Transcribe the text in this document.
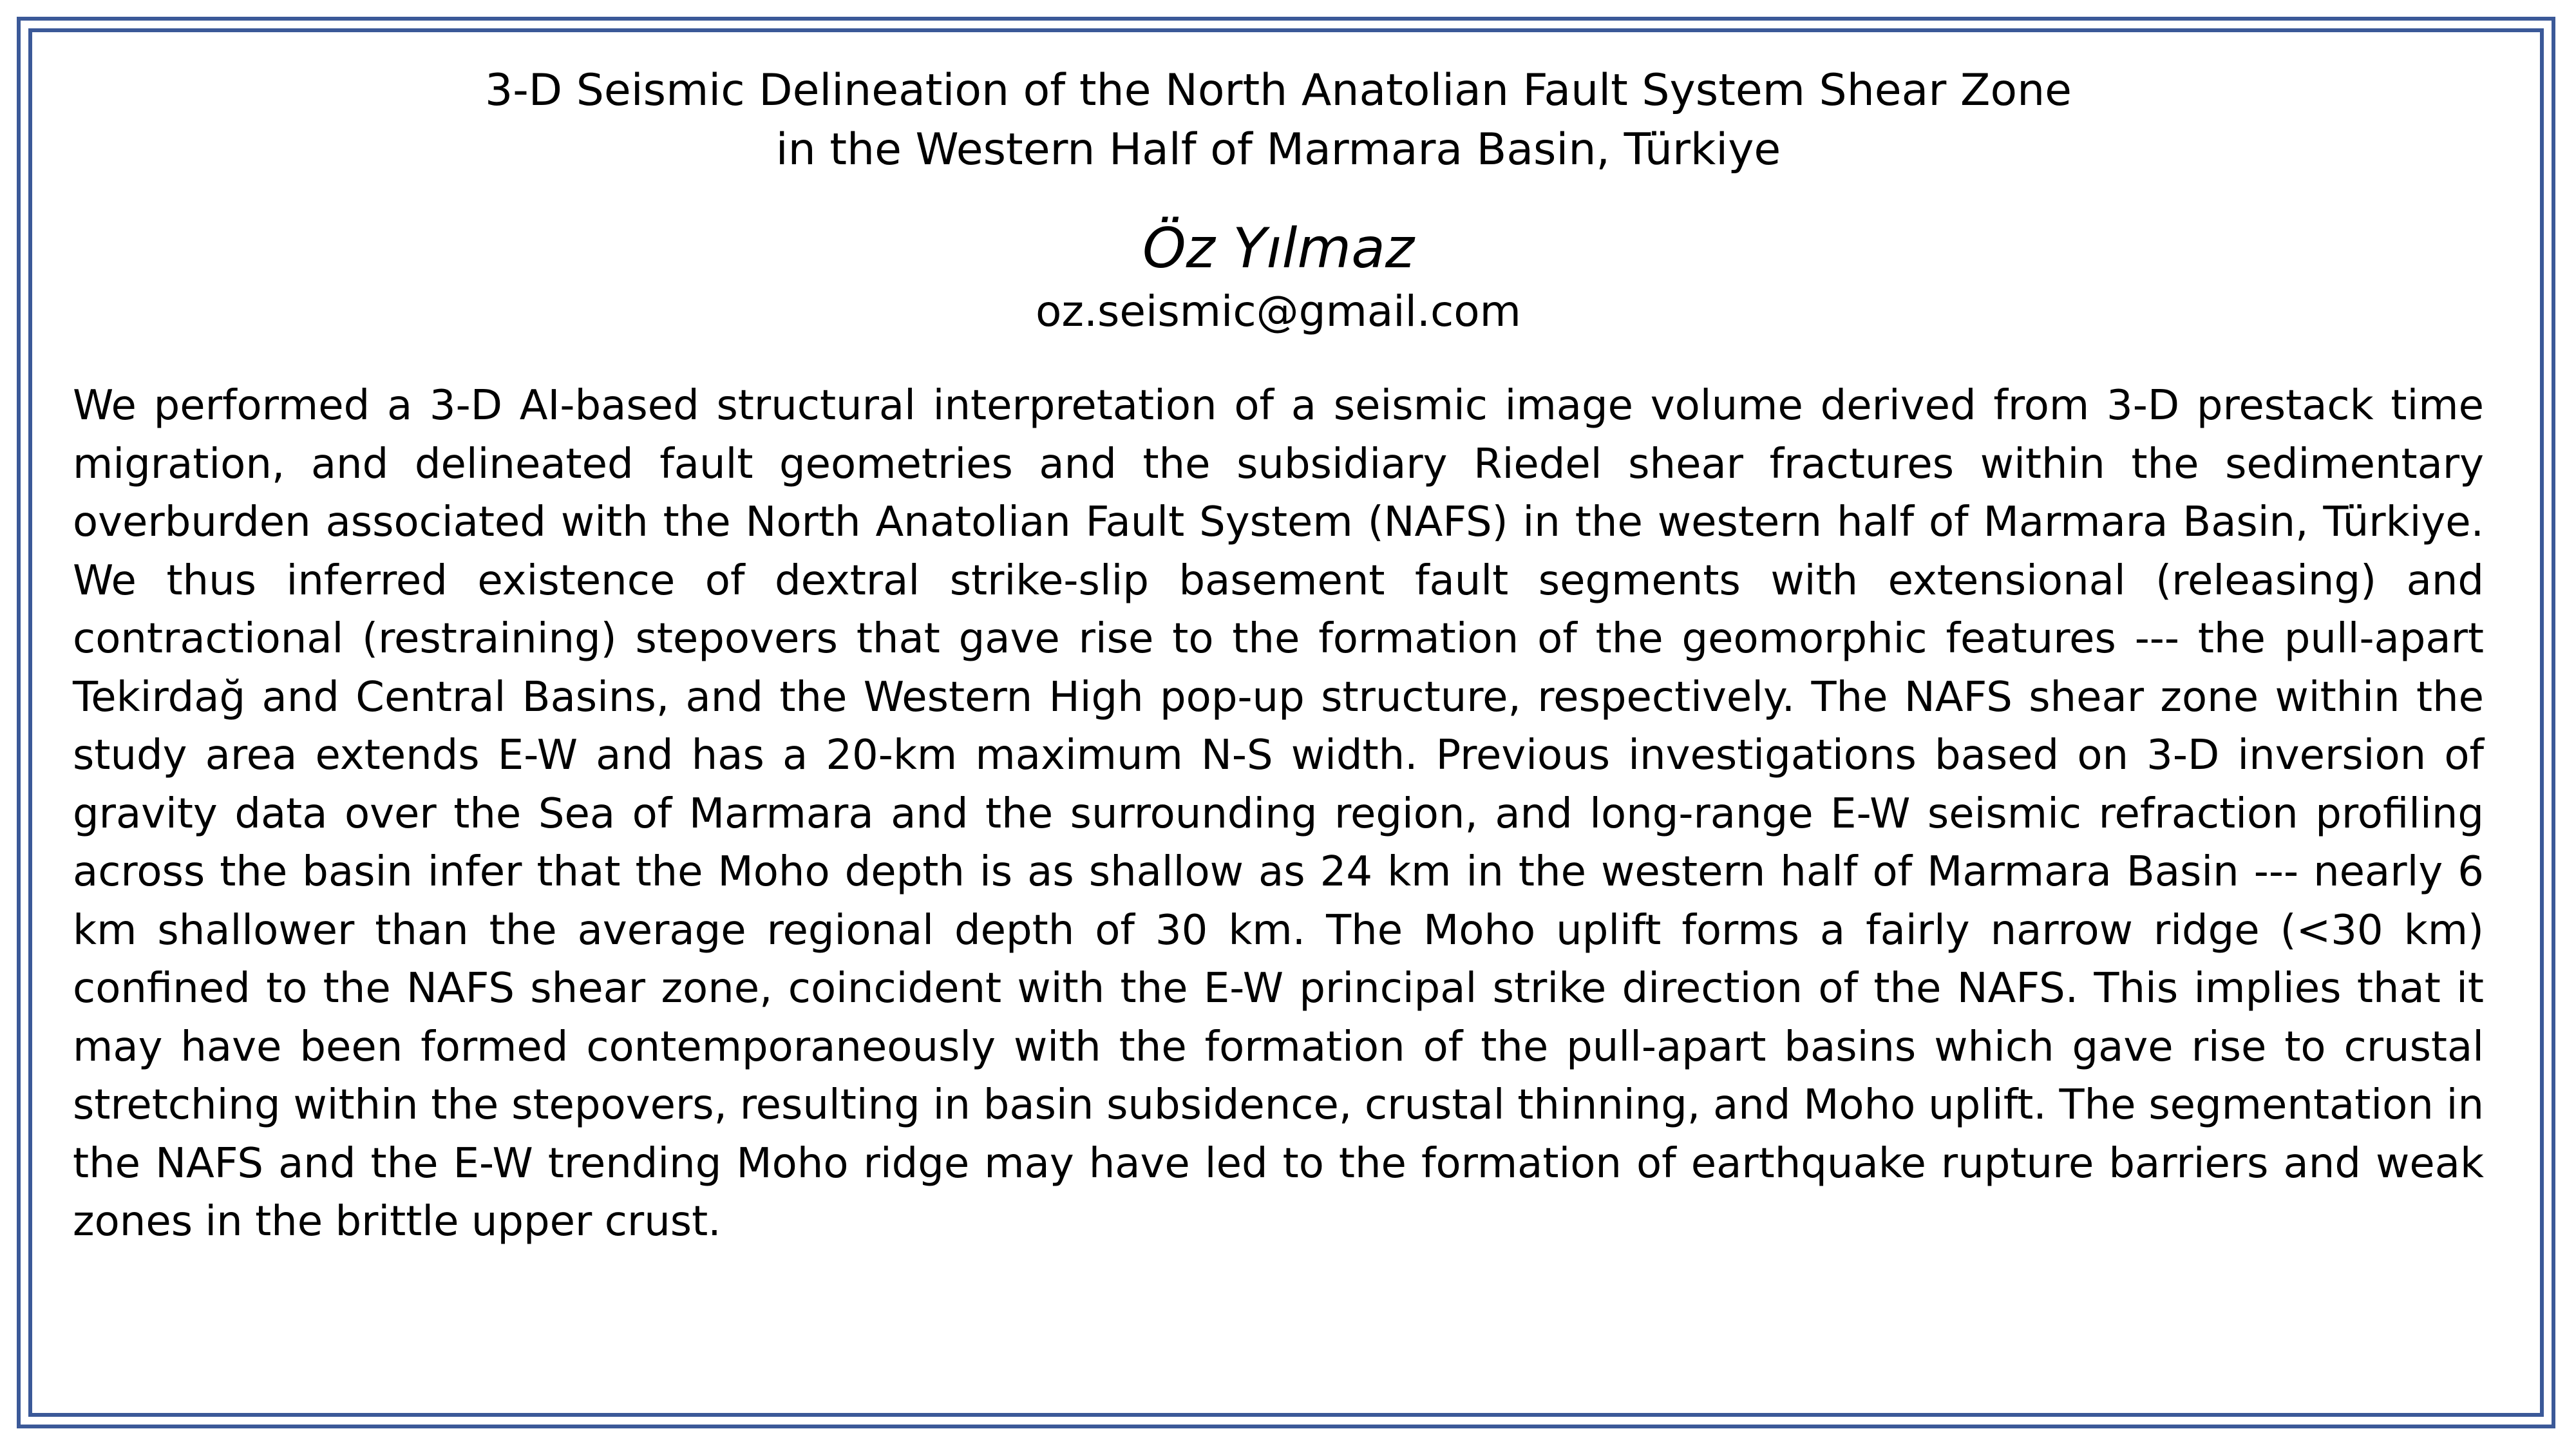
3-D Seismic Delineation of the North Anatolian Fault System Shear Zone
in the Western Half of Marmara Basin, Türkiye

Öz Yılmaz

oz.seismic@gmail.com

We performed a 3-D AI-based structural interpretation of a seismic image volume derived from 3-D prestack time migration, and delineated fault geometries and the subsidiary Riedel shear fractures within the sedimentary overburden associated with the North Anatolian Fault System (NAFS) in the western half of Marmara Basin, Türkiye. We thus inferred existence of dextral strike-slip basement fault segments with extensional (releasing) and contractional (restraining) stepovers that gave rise to the formation of the geomorphic features --- the pull-apart Tekirdağ and Central Basins, and the Western High pop-up structure, respectively. The NAFS shear zone within the study area extends E-W and has a 20-km maximum N-S width. Previous investigations based on 3-D inversion of gravity data over the Sea of Marmara and the surrounding region, and long-range E-W seismic refraction profiling across the basin infer that the Moho depth is as shallow as 24 km in the western half of Marmara Basin --- nearly 6 km shallower than the average regional depth of 30 km. The Moho uplift forms a fairly narrow ridge (<30 km) confined to the NAFS shear zone, coincident with the E-W principal strike direction of the NAFS. This implies that it may have been formed contemporaneously with the formation of the pull-apart basins which gave rise to crustal stretching within the stepovers, resulting in basin subsidence, crustal thinning, and Moho uplift. The segmentation in the NAFS and the E-W trending Moho ridge may have led to the formation of earthquake rupture barriers and weak zones in the brittle upper crust.
